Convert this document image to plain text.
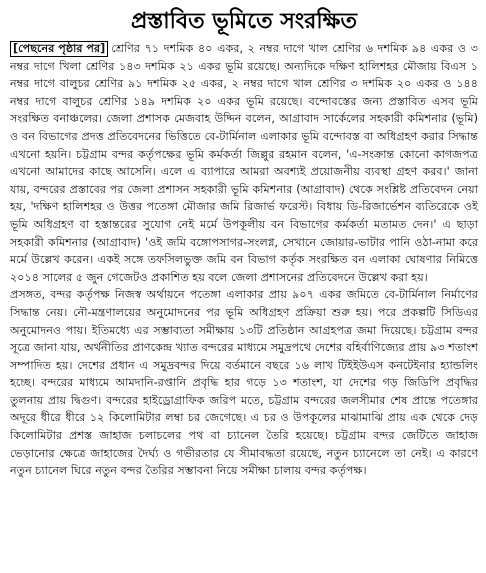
প্রস্তাবিত ভূমিতে সংরক্ষিত

[পেছনের পৃষ্ঠার পর] শ্রেণির ৭১ দশমিক ৪০ একর, ২ নম্বর দাগে খাল শ্রেণির ৬ দশমিক ৯৪ একর ও ৩ নম্বর দাগে খিলা শ্রেণির ১৪৩ দশমিক ২১ একর ভূমি রয়েছে। অন্যদিকে দক্ষিণ হালিশহর মৌজায় বিএস ১ নম্বর দাগে বালুচর শ্রেণির ৯১ দশমিক ২৫ একর, ২ নম্বর দাগে খাল শ্রেণির ৩ দশমিক ২০ একর ও ১৪৪ নম্বর দাগে বালুচর শ্রেণির ১৪৯ দশমিক ২০ একর ভূমি রয়েছে। বন্দোবস্তের জন্য প্রস্তাবিত এসব ভূমি সংরক্ষিত বনাঞ্চলের। জেলা প্রশাসক মেজবাহ উদ্দিন বলেন, আগ্রাবাদ সার্কেলের সহকারী কমিশনার (ভূমি) ও বন বিভাগের প্রদত্ত প্রতিবেদনের ভিত্তিতে বে-টার্মিনাল এলাকার ভূমি বন্দোবস্ত বা অধিগ্রহণ করার সিদ্ধান্ত এখনো হয়নি। চট্টগ্রাম বন্দর কর্তৃপক্ষের ভূমি কর্মকর্তা জিল্লুর রহমান বলেন, 'এ-সংক্রান্ত কোনো কাগজপত্র এখনো আমাদের কাছে আসেনি। এলে এ ব্যাপারে আমরা অবশ্যই প্রয়োজনীয় ব্যবস্থা গ্রহণ করব।' জানা যায়, বন্দরের প্রস্তাবের পর জেলা প্রশাসন সহকারী ভূমি কমিশনার (আগ্রাবাদ) থেকে সংশ্লিষ্ট প্রতিবেদন নেয়া হয়, 'দক্ষিণ হালিশহর ও উত্তর পতেঙ্গা মৌজার জমি রিজার্ভ ফরেস্ট। বিধায় ডি-রিজার্ভেশন ব্যতিরেকে ওই ভূমি অধিগ্রহণ বা হস্তান্তরের সুযোগ নেই মর্মে উপকূলীয় বন বিভাগের কর্মকর্তা মতামত দেন।' এ ছাড়া সহকারী কমিশনার (আগ্রাবাদ) 'ওই জমি বঙ্গোপসাগর-সংলগ্ন, সেখানে জোয়ার-ভাটার পানি ওঠা-নামা করে মর্মে উল্লেখ করেন। একই সঙ্গে তফসিলভুক্ত জমি বন বিভাগ কর্তৃক সংরক্ষিত বন এলাকা ঘোষণার নিমিত্তে ২০১৪ সালের ৫ জুন গেজেটও প্রকাশিত হয় বলে জেলা প্রশাসনের প্রতিবেদনে উল্লেখ করা হয়।

প্রসঙ্গত, বন্দর কর্তৃপক্ষ নিজস্ব অর্থায়নে পতেঙ্গা এলাকার প্রায় ৯০৭ একর জমিতে বে-টার্মিনাল নির্মাণের সিদ্ধান্ত নেয়। নৌ-মন্ত্রণালয়ের অনুমোদনের পর ভূমি অধিগ্রহণ প্রক্রিয়া শুরু হয়। পরে প্রকল্পটি সিডিএর অনুমোদনও পায়। ইতিমধ্যে এর সম্ভাব্যতা সমীক্ষায় ১৩টি প্রতিষ্ঠান আগ্রহপত্র জমা দিয়েছে। চট্টগ্রাম বন্দর সূত্রে জানা যায়, অর্থনীতির প্রাণকেন্দ্র খ্যাত বন্দরের মাধ্যমে সমুদ্রপথে দেশের বহির্বাণিজ্যের প্রায় ৯৩ শতাংশ সম্পাদিত হয়। দেশের প্রধান এ সমুদ্রবন্দর দিয়ে বর্তমানে বছরে ১৬ লাখ টিইইউএস কনটেইনার হ্যান্ডলিং হচ্ছে। বন্দরের মাধ্যমে আমদানি-রপ্তানি প্রবৃদ্ধি হার গড়ে ১৩ শতাংশ, যা দেশের গড় জিডিপি প্রবৃদ্ধির তুলনায় প্রায় দ্বিগুণ। বন্দরের হাইড্রোগ্রাফিক জরিপ মতে, চট্টগ্রাম বন্দরের জলসীমার শেষ প্রান্তে পতেঙ্গার অদূরে ধীরে ধীরে ১২ কিলোমিটার লম্বা চর জেগেছে। এ চর ও উপকূলের মাঝামাঝি প্রায় এক থেকে দেড় কিলোমিটার প্রশস্ত জাহাজ চলাচলের পথ বা চ্যানেল তৈরি হয়েছে। চট্টগ্রাম বন্দর জেটিতে জাহাজ ভেড়ানোর ক্ষেত্রে জাহাজের দৈর্ঘ্য ও গভীরতার যে সীমাবদ্ধতা রয়েছে, নতুন চ্যানেলে তা নেই। এ কারণে নতুন চ্যানেল ঘিরে নতুন বন্দর তৈরির সম্ভাবনা নিয়ে সমীক্ষা চালায় বন্দর কর্তৃপক্ষ।
